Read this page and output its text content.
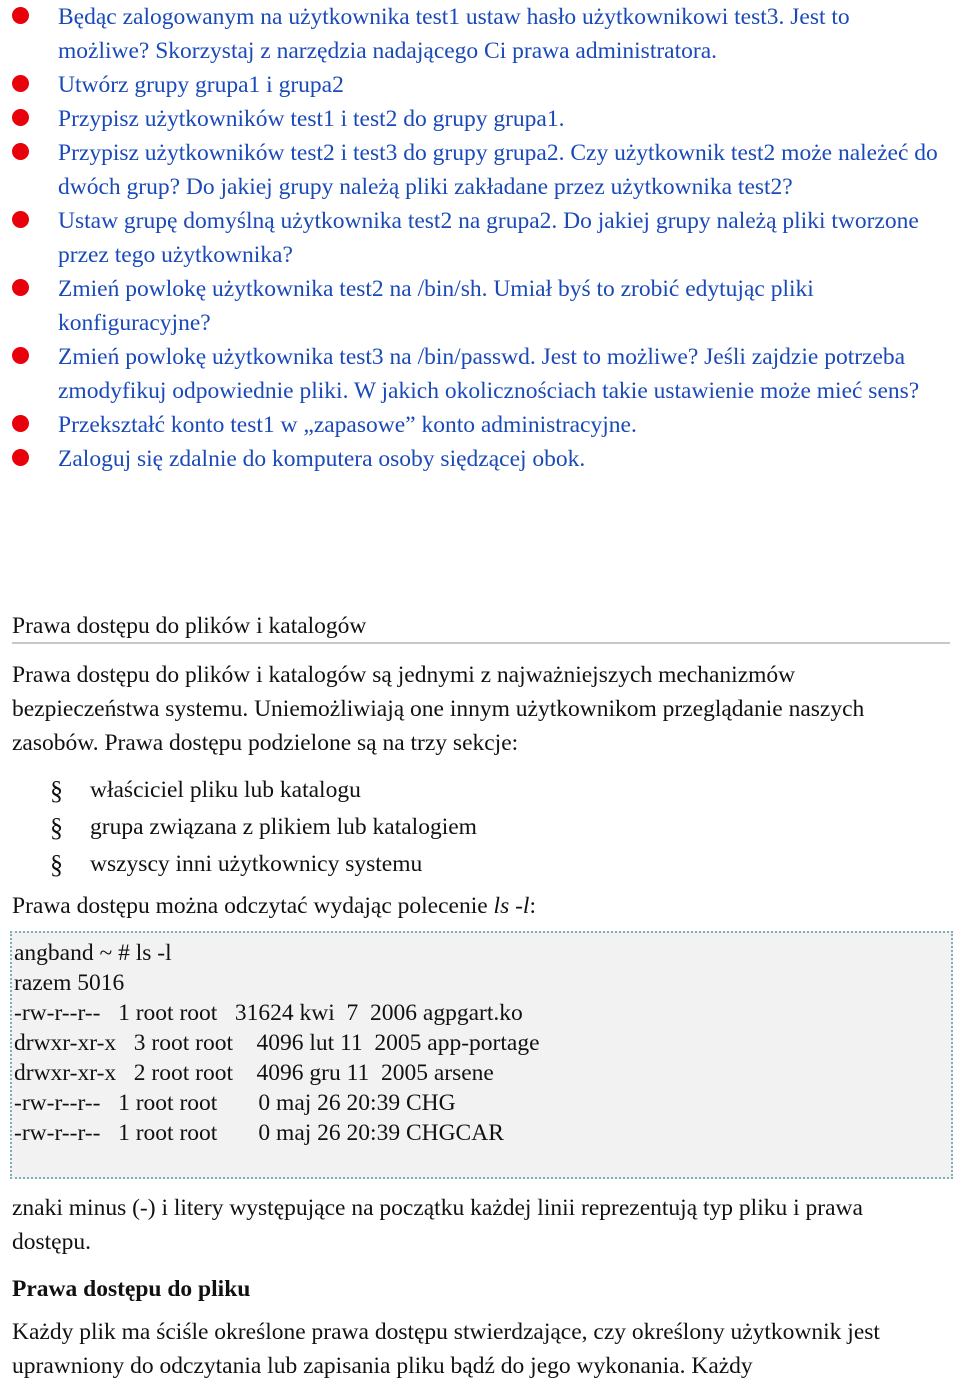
Będąc zalogowanym na użytkownika test1 ustaw hasło użytkownikowi test3. Jest to możliwe? Skorzystaj z narzędzia nadającego Ci prawa administratora.
Utwórz grupy grupa1 i grupa2
Przypisz użytkowników test1 i test2 do grupy grupa1.
Przypisz użytkowników test2 i test3 do grupy grupa2. Czy użytkownik test2 może należeć do dwóch grup? Do jakiej grupy należą pliki zakładane przez użytkownika test2?
Ustaw grupę domyślną użytkownika test2 na grupa2. Do jakiej grupy należą pliki tworzone przez tego użytkownika?
Zmień powlokę użytkownika test2 na /bin/sh. Umiał byś to zrobić edytując pliki konfiguracyjne?
Zmień powlokę użytkownika test3 na /bin/passwd. Jest to możliwe? Jeśli zajdzie potrzeba zmodyfikuj odpowiednie pliki. W jakich okolicznościach takie ustawienie może mieć sens?
Przekształć konto test1 w „zapasowe” konto administracyjne.
Zaloguj się zdalnie do komputera osoby siędzącej obok.
Prawa dostępu do plików i katalogów

Prawa dostępu do plików i katalogów są jednymi z najważniejszych mechanizmów bezpieczeństwa systemu. Uniemożliwiają one innym użytkownikom przeglądanie naszych zasobów. Prawa dostępu podzielone są na trzy sekcje:

§ właściciel pliku lub katalogu
§ grupa związana z plikiem lub katalogiem
§ wszyscy inni użytkownicy systemu

Prawa dostępu można odczytać wydając polecenie ls -l:

angband ~ # ls -l
razem 5016
-rw-r--r--   1 root root   31624 kwi  7  2006 agpgart.ko
drwxr-xr-x   3 root root    4096 lut 11  2005 app-portage
drwxr-xr-x   2 root root    4096 gru 11  2005 arsene
-rw-r--r--   1 root root       0 maj 26 20:39 CHG
-rw-r--r--   1 root root       0 maj 26 20:39 CHGCAR

znaki minus (-) i litery występujące na początku każdej linii reprezentują typ pliku i prawa dostępu.

Prawa dostępu do pliku

Każdy plik ma ściśle określone prawa dostępu stwierdzające, czy określony użytkownik jest uprawniony do odczytania lub zapisania pliku bądź do jego wykonania. Każdy
